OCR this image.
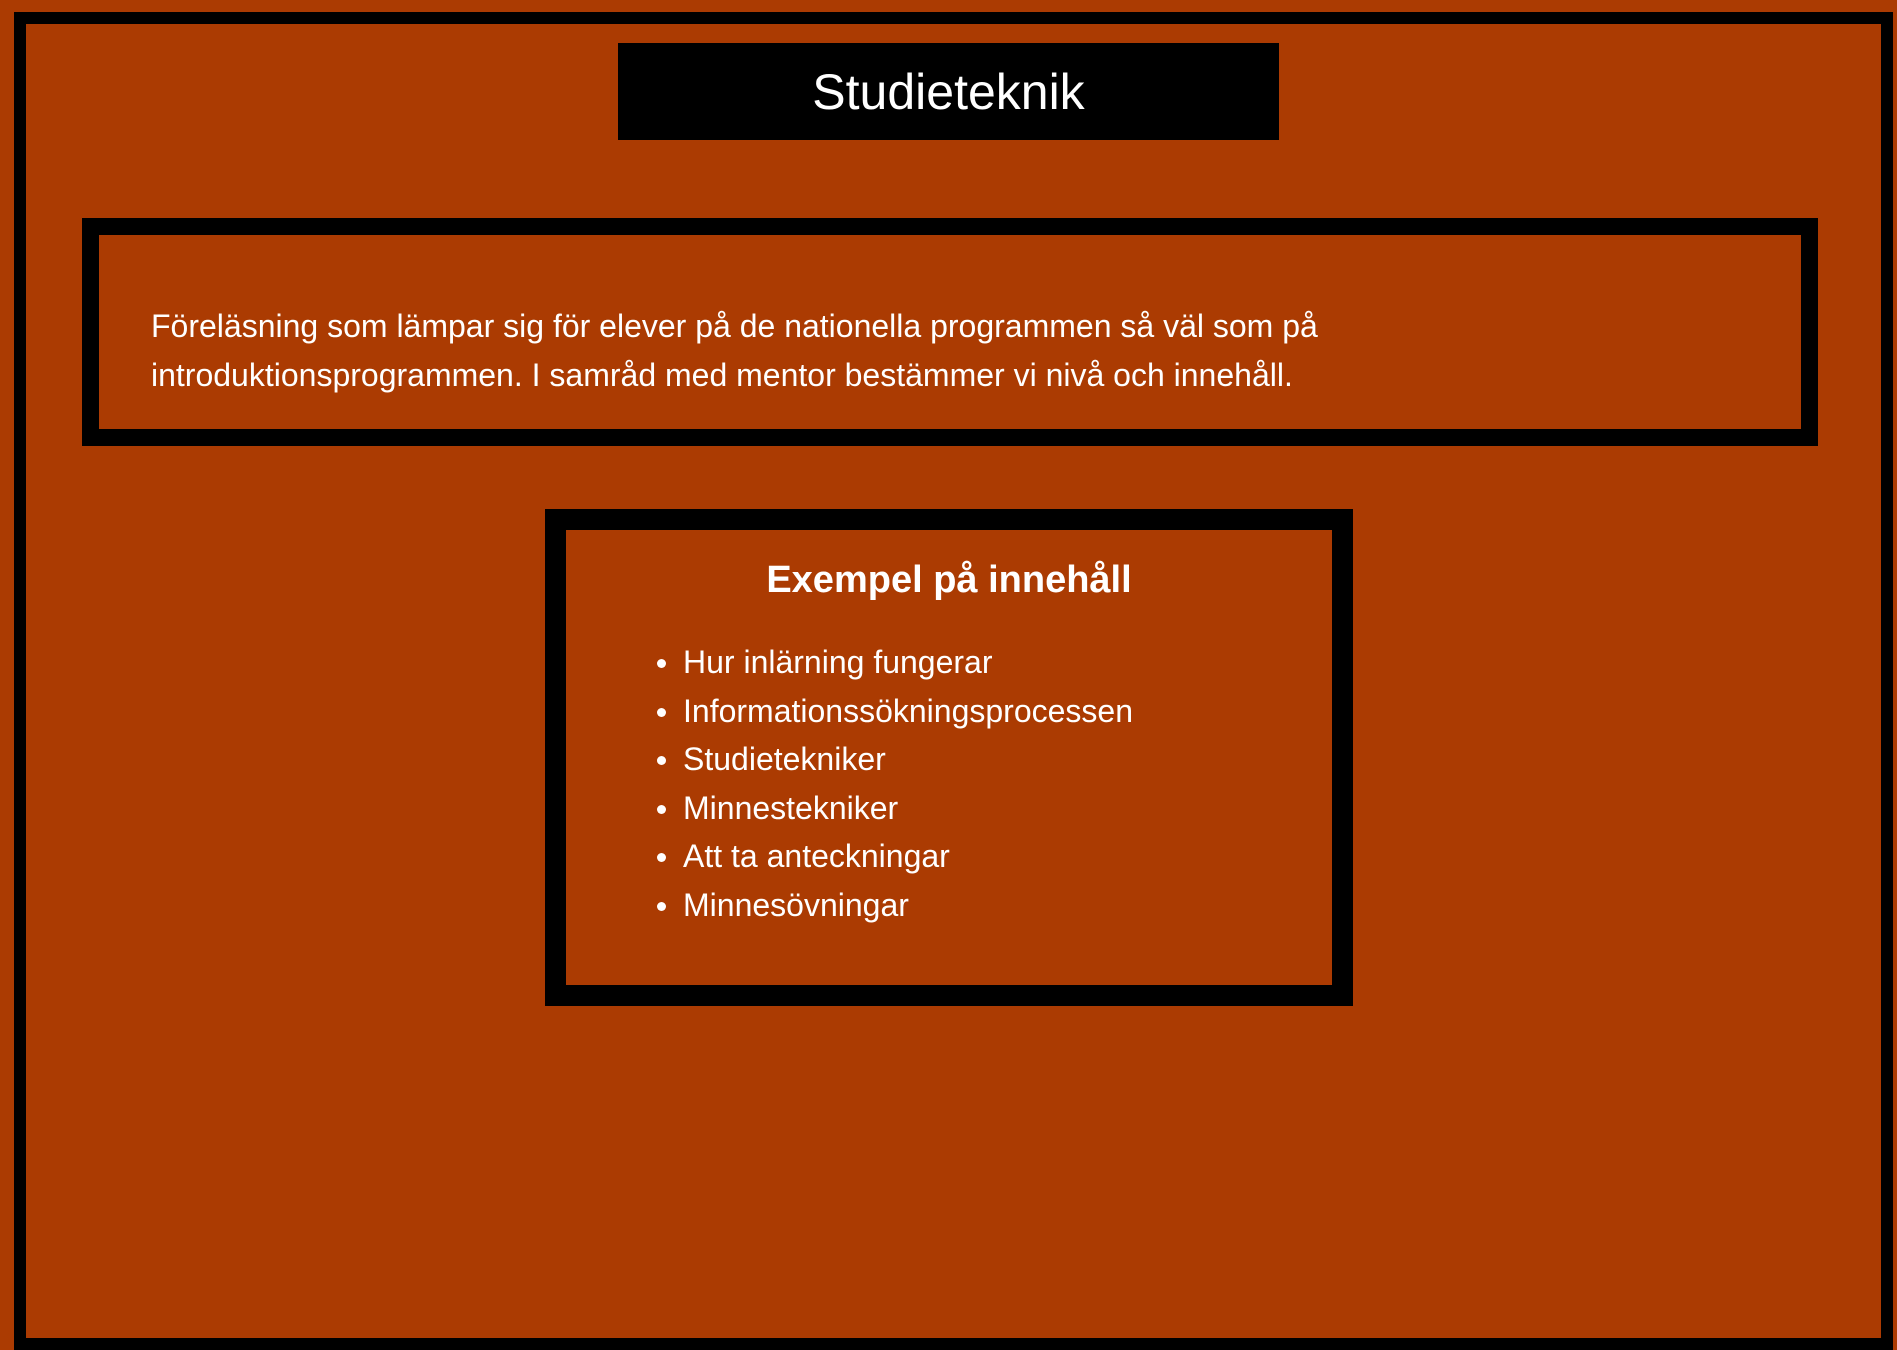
Studieteknik

Föreläsning som lämpar sig för elever på de nationella programmen så väl som på introduktionsprogrammen. I samråd med mentor bestämmer vi nivå och innehåll.

Exempel på innehåll
Hur inlärning fungerar
Informationssökningsprocessen
Studietekniker
Minnestekniker
Att ta anteckningar
Minnesövningar
